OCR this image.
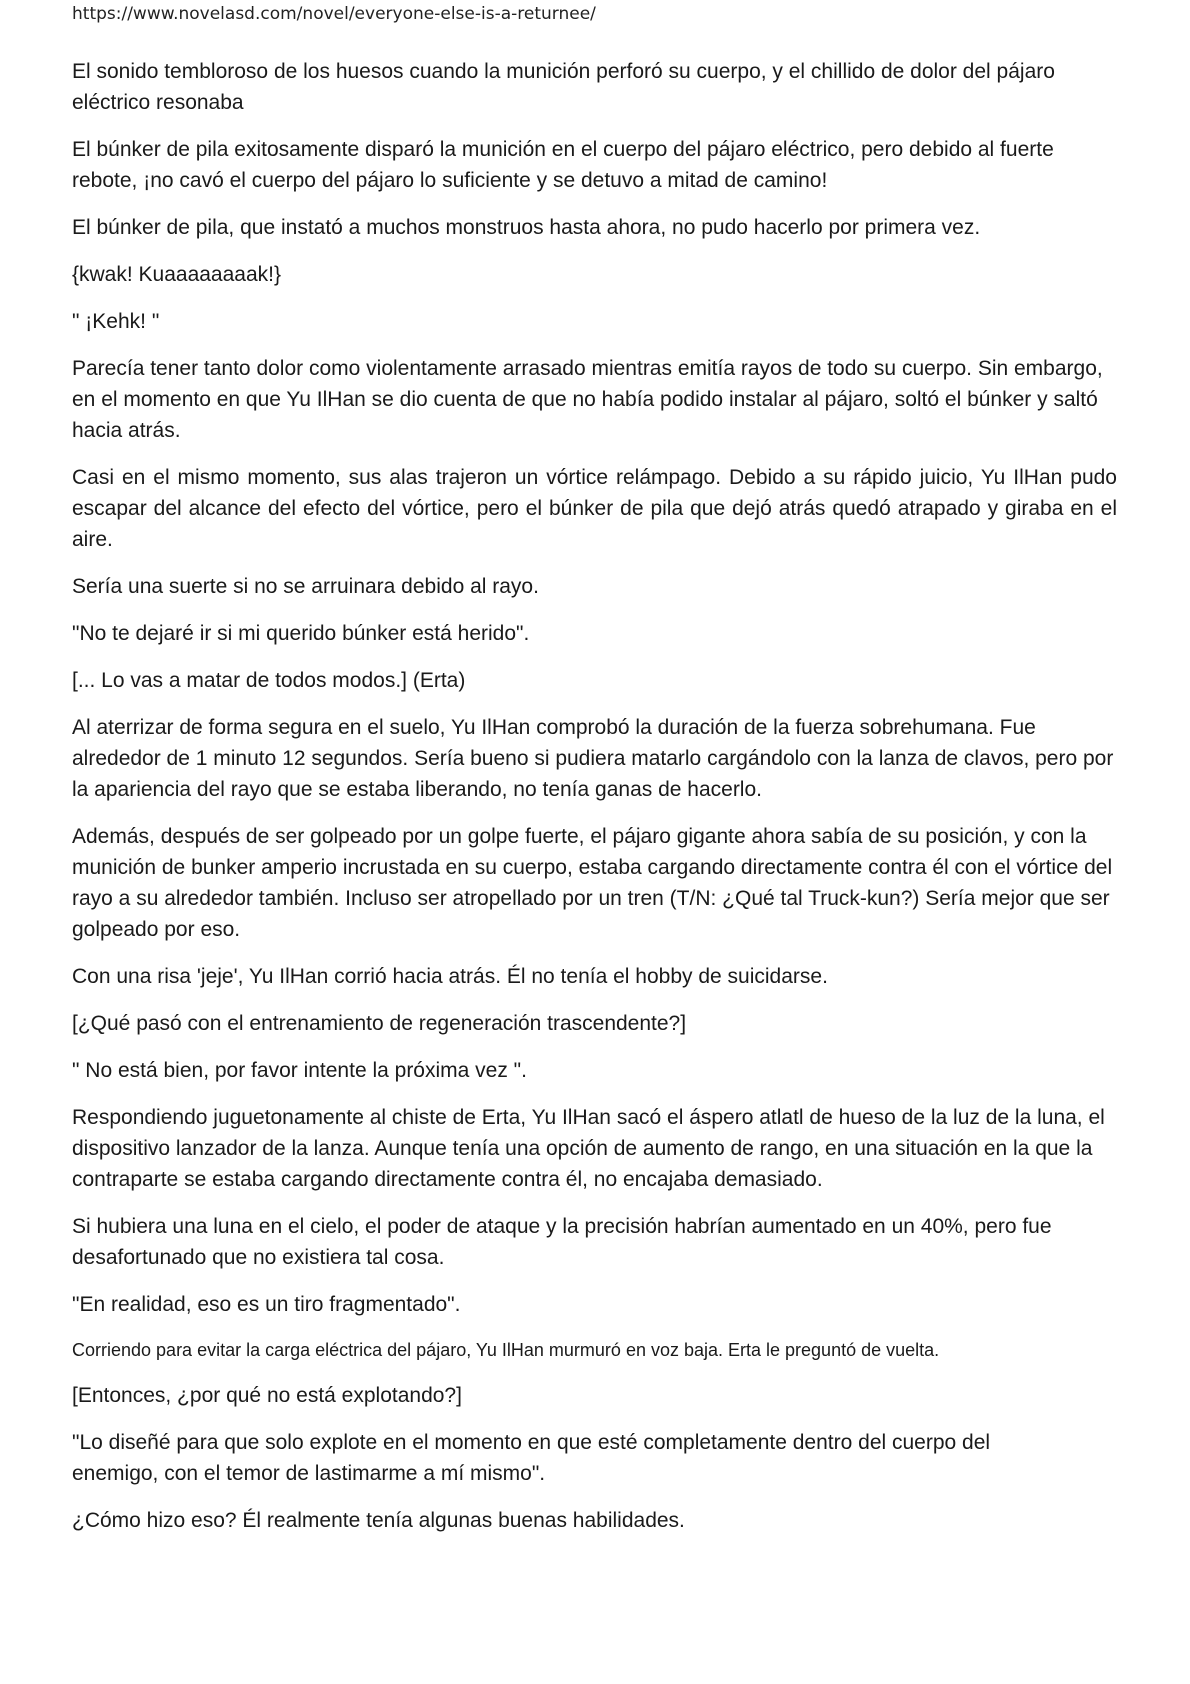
https://www.novelasd.com/novel/everyone-else-is-a-returnee/

El sonido tembloroso de los huesos cuando la munición perforó su cuerpo, y el chillido de dolor del pájaro eléctrico resonaba

El búnker de pila exitosamente disparó la munición en el cuerpo del pájaro eléctrico, pero debido al fuerte rebote, ¡no cavó el cuerpo del pájaro lo suficiente y se detuvo a mitad de camino!

El búnker de pila, que instató a muchos monstruos hasta ahora, no pudo hacerlo por primera vez.

{kwak! Kuaaaaaaaak!}

" ¡Kehk! "

Parecía tener tanto dolor como violentamente arrasado mientras emitía rayos de todo su cuerpo. Sin embargo, en el momento en que Yu IlHan se dio cuenta de que no había podido instalar al pájaro, soltó el búnker y saltó hacia atrás.

Casi en el mismo momento, sus alas trajeron un vórtice relámpago. Debido a su rápido juicio, Yu IlHan pudo escapar del alcance del efecto del vórtice, pero el búnker de pila que dejó atrás quedó atrapado y giraba en el aire.

Sería una suerte si no se arruinara debido al rayo.

"No te dejaré ir si mi querido búnker está herido".

[... Lo vas a matar de todos modos.] (Erta)

Al aterrizar de forma segura en el suelo, Yu IlHan comprobó la duración de la fuerza sobrehumana. Fue alrededor de 1 minuto 12 segundos. Sería bueno si pudiera matarlo cargándolo con la lanza de clavos, pero por la apariencia del rayo que se estaba liberando, no tenía ganas de hacerlo.

Además, después de ser golpeado por un golpe fuerte, el pájaro gigante ahora sabía de su posición, y con la munición de bunker amperio incrustada en su cuerpo, estaba cargando directamente contra él con el vórtice del rayo a su alrededor también. Incluso ser atropellado por un tren (T/N: ¿Qué tal Truck-kun?) Sería mejor que ser golpeado por eso.

Con una risa 'jeje', Yu IlHan corrió hacia atrás. Él no tenía el hobby de suicidarse.

[¿Qué pasó con el entrenamiento de regeneración trascendente?]

" No está bien, por favor intente la próxima vez ".

Respondiendo juguetonamente al chiste de Erta, Yu IlHan sacó el áspero atlatl de hueso de la luz de la luna, el dispositivo lanzador de la lanza. Aunque tenía una opción de aumento de rango, en una situación en la que la contraparte se estaba cargando directamente contra él, no encajaba demasiado.

Si hubiera una luna en el cielo, el poder de ataque y la precisión habrían aumentado en un 40%, pero fue desafortunado que no existiera tal cosa.

"En realidad, eso es un tiro fragmentado".

Corriendo para evitar la carga eléctrica del pájaro, Yu IlHan murmuró en voz baja. Erta le preguntó de vuelta.

[Entonces, ¿por qué no está explotando?]

"Lo diseñé para que solo explote en el momento en que esté completamente dentro del cuerpo del enemigo, con el temor de lastimarme a mí mismo".

¿Cómo hizo eso? Él realmente tenía algunas buenas habilidades.
